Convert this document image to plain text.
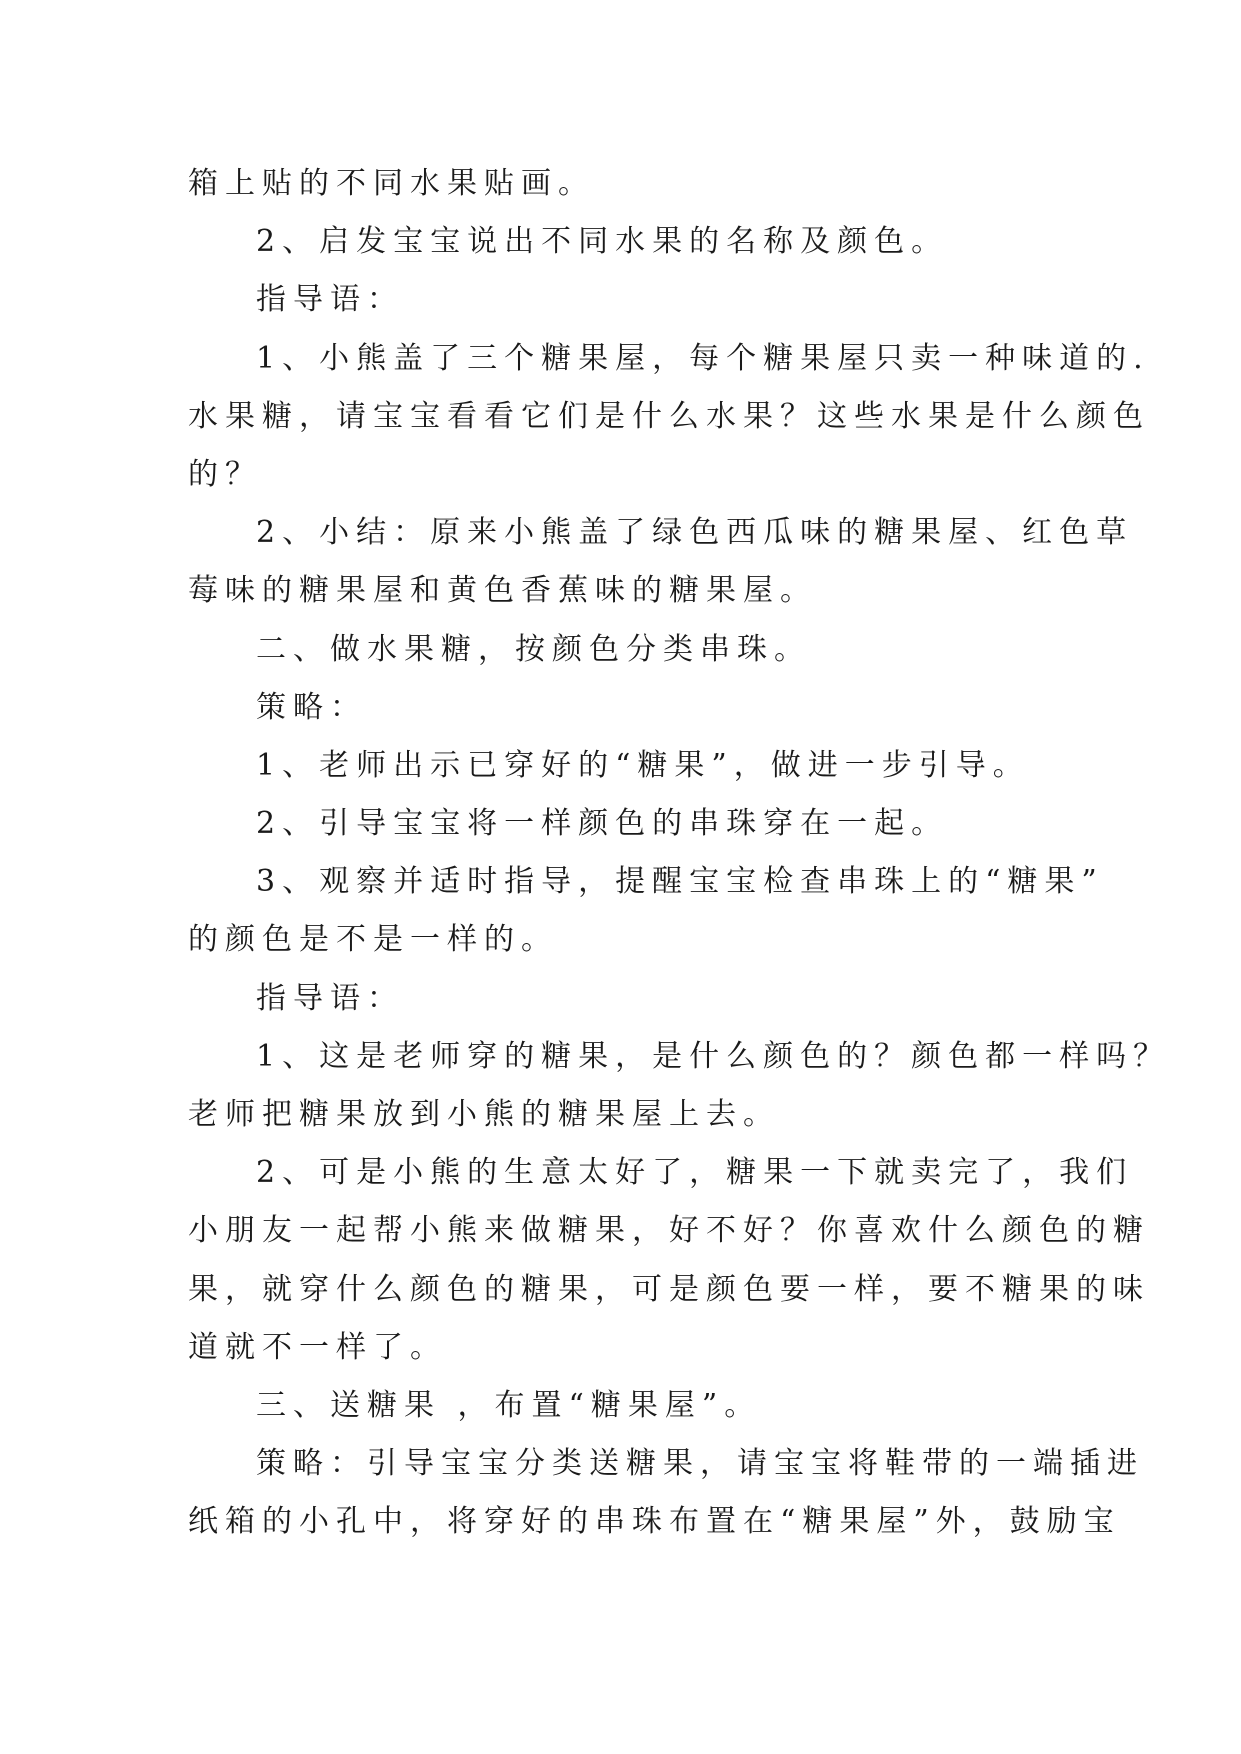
箱上贴的不同水果贴画。
2、启发宝宝说出不同水果的名称及颜色。
指导语：
1、小熊盖了三个糖果屋，每个糖果屋只卖一种味道的.
水果糖，请宝宝看看它们是什么水果？这些水果是什么颜色
的？
2、小结：原来小熊盖了绿色西瓜味的糖果屋、红色草
莓味的糖果屋和黄色香蕉味的糖果屋。
二、做水果糖，按颜色分类串珠。
策略：
1、老师出示已穿好的“糖果”，做进一步引导。
2、引导宝宝将一样颜色的串珠穿在一起。
3、观察并适时指导，提醒宝宝检查串珠上的“糖果”
的颜色是不是一样的。
指导语：
1、这是老师穿的糖果，是什么颜色的？颜色都一样吗？
老师把糖果放到小熊的糖果屋上去。
2、可是小熊的生意太好了，糖果一下就卖完了，我们
小朋友一起帮小熊来做糖果，好不好？你喜欢什么颜色的糖
果，就穿什么颜色的糖果，可是颜色要一样，要不糖果的味
道就不一样了。
三、送糖果 ，布置“糖果屋”。
策略：引导宝宝分类送糖果，请宝宝将鞋带的一端插进
纸箱的小孔中，将穿好的串珠布置在“糖果屋”外，鼓励宝
